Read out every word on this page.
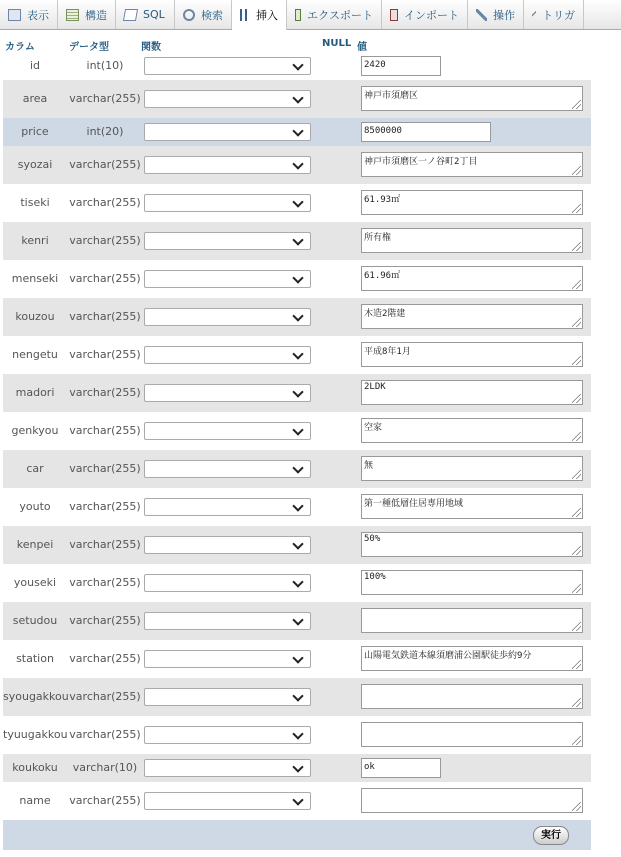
表示	構造	SQL	検索	挿入	エクスポート	インポート	操作 トリガ
カラム	データ型	関数	NULL 値
id	int(10)	2420
area	varchar(255)	神戸市須磨区
price	int(20)	8500000
syozai	varchar(255)	神戸市須磨区一ノ谷町2丁目
tiseki	varchar(255)	61.93㎡
kenri	varchar(255)	所有権
menseki	varchar(255)	61.96㎡
kouzou	varchar(255)	木造2階建
nengetu	varchar(255)	平成8年1月
madori	varchar(255)	2LDK
genkyou varchar(255)	空家
car	varchar(255)	無
youto	varchar(255)	第一種低層住居専用地域
kenpei	varchar(255)	50%
youseki	varchar(255)	100%
setudou	varchar(255)
station	varchar(255)	山陽電気鉄道本線須磨浦公園駅徒歩約9分
syougakkou varchar(255)
tyuugakkou varchar(255)
koukoku	varchar(10)	ok
name	varchar(255)
実行
